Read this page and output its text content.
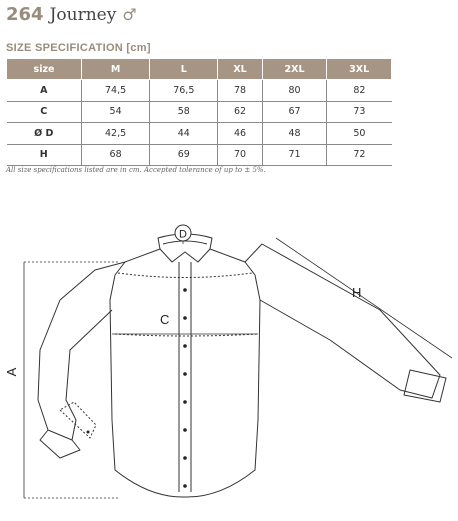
264 Journey ♂
SIZE SPECIFICATION [cm]
size	M	L	XL	2XL	3XL
A	74,5	76,5	78	80	82
C	54	58	62	67	73
Ø D	42,5	44	46	48	50
H	68	69	70	71	72
All size specifications listed are in cm. Accepted tolerance of up to ± 5%.
A
C
D
H
